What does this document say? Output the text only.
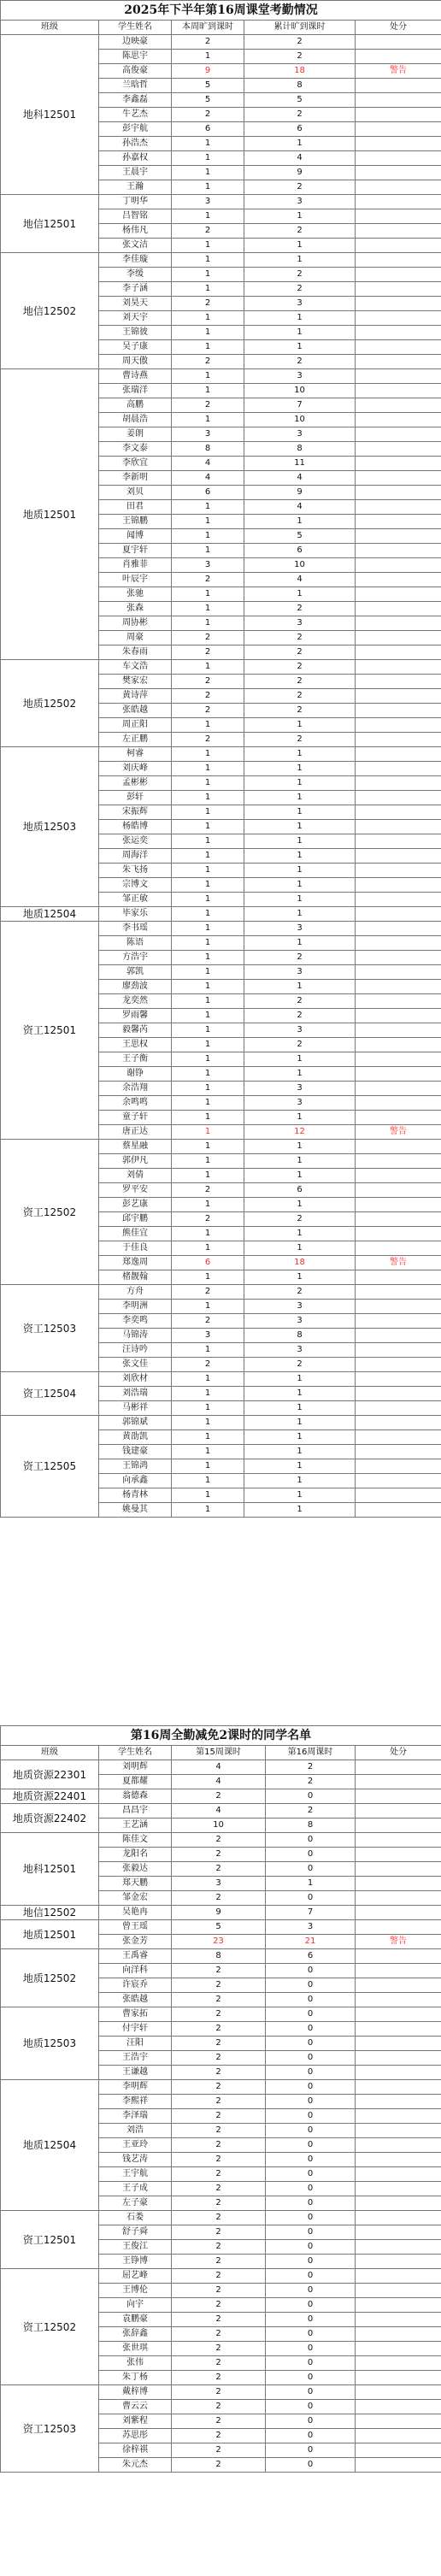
2025年下半年第16周课堂考勤情况				
班级	学生姓名	本周旷到课时	累计旷到课时	处分
地科12501	边映豪	2	2	
	陈思宇	1	2	
	高俊豪	9	18	警告
	兰晗哲	5	8	
	李鑫磊	5	5	
	牛艺杰	2	2	
	彭宇航	6	6	
	孙浩杰	1	1	
	孙嘉权	1	4	
	王晨宇	1	9	
	王瀚	1	2	
地信12501	丁明华	3	3	
	吕智铭	1	1	
	杨伟凡	2	2	
	张文洁	1	1	
地信12502	李佳璇	1	1	
	李缓	1	2	
	李子涵	1	2	
	刘昊天	2	3	
	刘天宇	1	1	
	王锦彼	1	1	
	吴子康	1	1	
	周天傲	2	2	
地质12501	曹诗燕	1	3	
	张瑞洋	1	10	
	高鹏	2	7	
	胡晨浩	1	10	
	姜朗	3	3	
	李文泰	8	8	
	李欣宜	4	11	
	李新明	4	4	
	刘贝	6	9	
	田君	1	4	
	王锦鹏	1	1	
	闻博	1	5	
	夏宇轩	1	6	
	肖雅菲	3	10	
	叶辰宇	2	4	
	张驰	1	1	
	张森	1	2	
	周协彬	1	3	
	周豪	2	2	
	朱春雨	2	2	
地质12502	车文浩	1	2	
	樊家宏	2	2	
	黄诗萍	2	2	
	张皓越	2	2	
	周正阳	1	1	
	左正鹏	2	2	
地质12503	柯睿	1	1	
	刘庆峰	1	1	
	孟彬彬	1	1	
	彭轩	1	1	
	宋振辉	1	1	
	杨皓博	1	1	
	张运奕	1	1	
	周海洋	1	1	
	朱飞扬	1	1	
	宗博文	1	1	
	邹正敏	1	1	
地质12504	毕家乐	1	1	
资工12501	李书瑶	1	3	
	陈语	1	1	
	方浩宇	1	2	
	郭凯	1	3	
	廖劲波	1	1	
	龙奕然	1	2	
	罗雨馨	1	2	
	毅馨芮	1	3	
	王思权	1	2	
	王子衡	1	1	
	谢铮	1	1	
	余浩翔	1	3	
	余鸣鸣	1	3	
	童子轩	1	1	
	唐正达	1	12	警告
资工12502	蔡星融	1	1	
	郭伊凡	1	1	
	刘倩	1	1	
	罗平安	2	6	
	彭艺康	1	1	
	邱宇鹏	2	2	
	熊佳宜	1	1	
	于佳良	1	1	
	郑逸周	6	18	警告
	楮靓翰	1	1	
资工12503	方舟	2	2	
	李明洲	1	3	
	李奕鸣	2	3	
	马锦涛	3	8	
	汪诗吟	1	3	
	张文佳	2	2	
资工12504	刘欣材	1	1	
	刘浩瑞	1	1	
	马彬祥	1	1	
资工12505	郭锦斌	1	1	
	黄劭凯	1	1	
	钱建豪	1	1	
	王锦鸿	1	1	
	向承鑫	1	1	
	杨青林	1	1	
	姚曼其	1	1	
第16周全勤减免2课时的同学名单				
班级	学生姓名	第15周课时	第16周课时	处分
地质资源22301	刘明辉	4	2	
	夏都耀	4	2	
地质资源22401	翁德森	2	0	
地质资源22402	昌昌宇	4	2	
	王艺涵	10	8	
地科12501	陈佳文	2	0	
	龙阳名	2	0	
	张毅达	2	0	
	郑天鹏	3	1	
	邹金宏	2	0	
地信12502	吴艳冉	9	7	
地质12501	曾王瑶	5	3	
	张金芳	23	21	警告
地质12502	王禹睿	8	6	
	向洋科	2	0	
	许宸乔	2	0	
	张皓越	2	0	
地质12503	曹家拓	2	0	
	付宇轩	2	0	
	汪阳	2	0	
	王浩宇	2	0	
	王谦越	2	0	
地质12504	李明辉	2	0	
	李熙祥	2	0	
	李泽瑞	2	0	
	刘浩	2	0	
	王亚玲	2	0	
	钱艺涛	2	0	
	王宇航	2	0	
	王子成	2	0	
	左子豪	2	0	
资工12501	石娄	2	0	
	舒子舜	2	0	
	王俊江	2	0	
	王铮博	2	0	
资工12502	屈艺峰	2	0	
	王博伦	2	0	
	向宇	2	0	
	袁鹏豪	2	0	
	张辞鑫	2	0	
	张世琪	2	0	
	张伟	2	0	
	朱丁杨	2	0	
资工12503	戴梓博	2	0	
	曹云云	2	0	
	刘紫程	2	0	
	苏思彤	2	0	
	徐梓祺	2	0	
	朱元杰	2	0	
